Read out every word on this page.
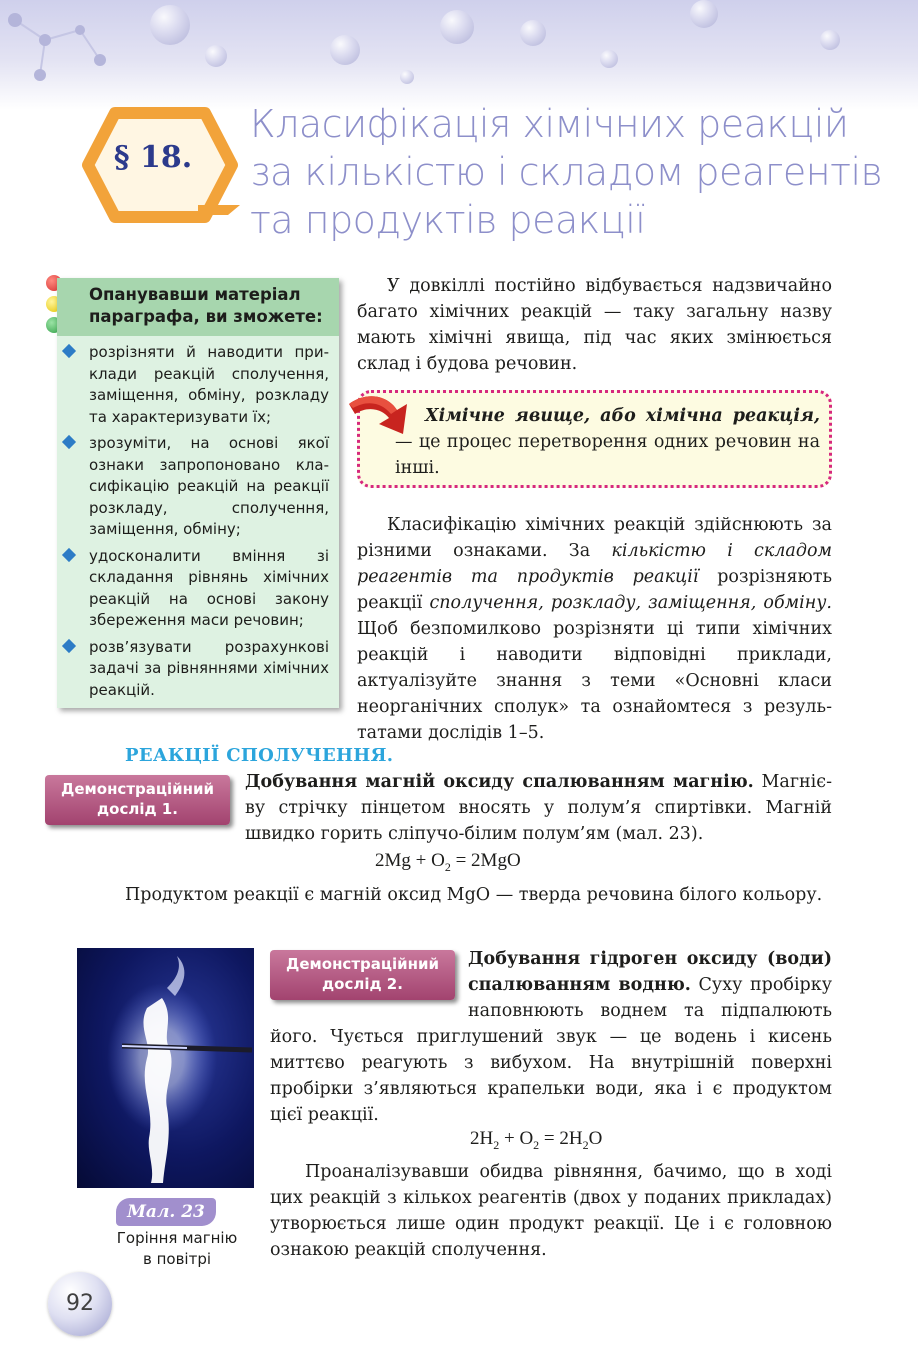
§ 18.
Класифікація хімічних реакцій
за кількістю і складом реагентів
та продуктів реакції
Опанувавши матеріал параграфа, ви зможете:
розрізняти й наводити приклади реакцій сполучення, заміщення, обміну, розкладу та характеризувати їх;
зрозуміти, на основі якої ознаки запропоновано класифікацію реакцій на реакції розкладу, сполучення, заміщення, обміну;
удосконалити вміння зі складання рівнянь хімічних реакцій на основі закону збереження маси речовин;
розв’язувати розрахункові задачі за рівняннями хімічних реакцій.
У довкіллі постійно відбувається надзвичайно багато хімічних реакцій — таку загальну назву мають хімічні явища, під час яких змінюється склад і будова речовин.
Хімічне явище, або хімічна реакція, — це процес перетворення одних речовин на інші.
Класифікацію хімічних реакцій здійснюють за різними ознаками. За кількістю і складом реагентів та продуктів реакції розрізняють реакції сполучення, розкладу, заміщення, обміну. Щоб безпомилково розрізняти ці типи хімічних реакцій і наводити відповідні приклади, актуалізуйте знання з теми «Основні класи неорганічних сполук» та ознайомтеся з результатами дослідів 1–5.
РЕАКЦІЇ СПОЛУЧЕННЯ.
Демонстраційний
дослід 1.
Добування магній оксиду спалюванням магнію. Магнієву стрічку пінцетом вносять у полум’я спиртівки. Магній швидко горить сліпучо-білим полум’ям (мал. 23).
$2Mg + O_2 = 2MgO$
Продуктом реакції є магній оксид MgO — тверда речовина білого кольору.
Мал. 23
Горіння магнію
в повітрі
Демонстраційний
дослід 2.
Добування гідроген оксиду (води) спалюванням водню. Суху пробірку наповнюють воднем та підпалюють його. Чується приглушений звук — це водень і кисень миттєво реагують з вибухом. На внутрішній поверхні пробірки з’являються крапельки води, яка і є продуктом цієї реакції.
$2H_2 + O_2 = 2H_2O$
Проаналізувавши обидва рівняння, бачимо, що в ході цих реакцій з кількох реагентів (двох у поданих прикладах) утворюється лише один продукт реакції. Це і є головною ознакою реакцій сполучення.
92
